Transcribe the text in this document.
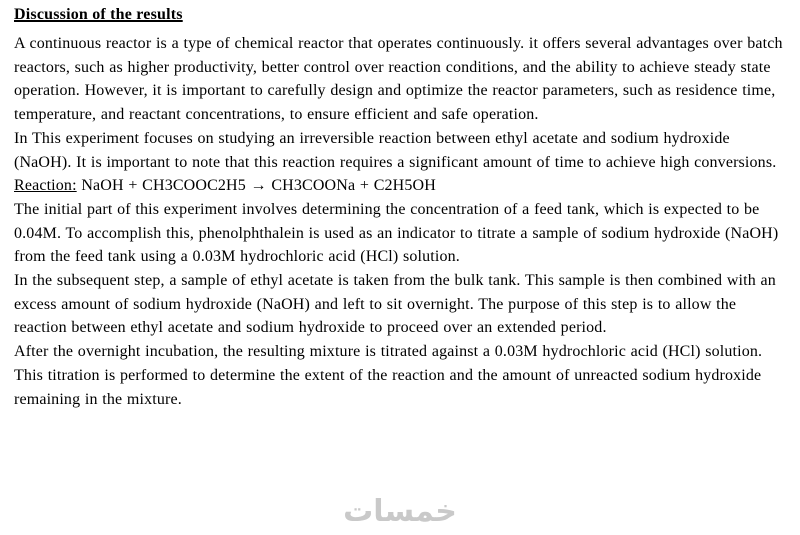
Discussion of the results

A continuous reactor is a type of chemical reactor that operates continuously. it offers several advantages over batch reactors, such as higher productivity, better control over reaction conditions, and the ability to achieve steady state operation. However, it is important to carefully design and optimize the reactor parameters, such as residence time, temperature, and reactant concentrations, to ensure efficient and safe operation.

In This experiment focuses on studying an irreversible reaction between ethyl acetate and sodium hydroxide (NaOH). It is important to note that this reaction requires a significant amount of time to achieve high conversions.

Reaction: NaOH + CH3COOC2H5 → CH3COONa + C2H5OH

The initial part of this experiment involves determining the concentration of a feed tank, which is expected to be 0.04M. To accomplish this, phenolphthalein is used as an indicator to titrate a sample of sodium hydroxide (NaOH) from the feed tank using a 0.03M hydrochloric acid (HCl) solution.

In the subsequent step, a sample of ethyl acetate is taken from the bulk tank. This sample is then combined with an excess amount of sodium hydroxide (NaOH) and left to sit overnight. The purpose of this step is to allow the reaction between ethyl acetate and sodium hydroxide to proceed over an extended period.

After the overnight incubation, the resulting mixture is titrated against a 0.03M hydrochloric acid (HCl) solution. This titration is performed to determine the extent of the reaction and the amount of unreacted sodium hydroxide remaining in the mixture.

خمسات
